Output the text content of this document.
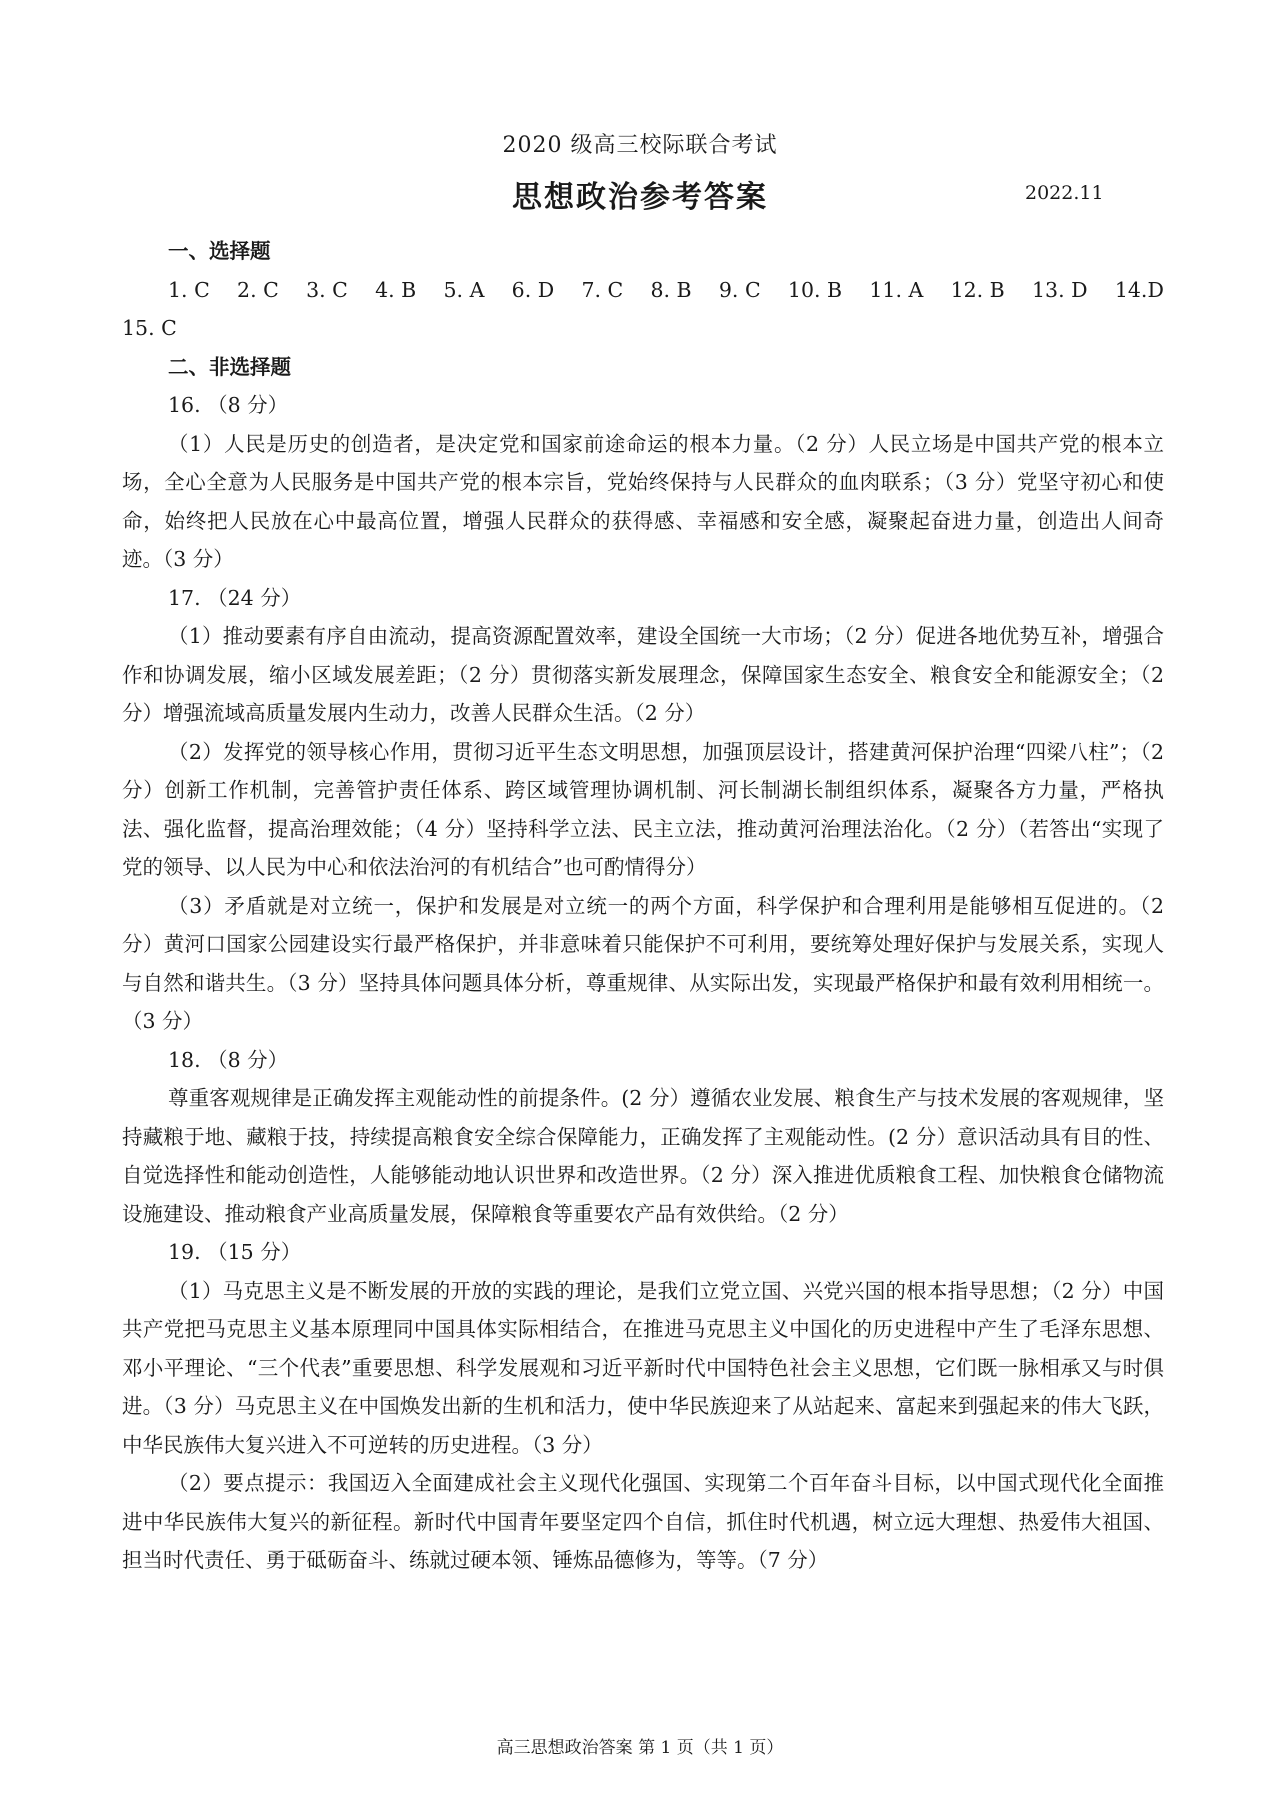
2020 级高三校际联合考试
思想政治参考答案	2022.11

一、选择题

1. C 2. C 3. C 4. B 5. A 6. D 7. C 8. B 9. C 10. B 11. A 12. B 13. D 14.D

15. C

二、非选择题

16. （8 分）

（1）人民是历史的创造者，是决定党和国家前途命运的根本力量。（2 分）人民立场是中国共产党的根本立场，全心全意为人民服务是中国共产党的根本宗旨，党始终保持与人民群众的血肉联系；（3 分）党坚守初心和使命，始终把人民放在心中最高位置，增强人民群众的获得感、幸福感和安全感，凝聚起奋进力量，创造出人间奇迹。（3 分）

17. （24 分）

（1）推动要素有序自由流动，提高资源配置效率，建设全国统一大市场；（2 分）促进各地优势互补，增强合作和协调发展，缩小区域发展差距；（2 分）贯彻落实新发展理念，保障国家生态安全、粮食安全和能源安全；（2 分）增强流域高质量发展内生动力，改善人民群众生活。（2 分）

（2）发挥党的领导核心作用，贯彻习近平生态文明思想，加强顶层设计，搭建黄河保护治理“四梁八柱”；（2 分）创新工作机制，完善管护责任体系、跨区域管理协调机制、河长制湖长制组织体系，凝聚各方力量，严格执法、强化监督，提高治理效能；（4 分）坚持科学立法、民主立法，推动黄河治理法治化。（2 分）（若答出“实现了党的领导、以人民为中心和依法治河的有机结合”也可酌情得分）

（3）矛盾就是对立统一，保护和发展是对立统一的两个方面，科学保护和合理利用是能够相互促进的。（2 分）黄河口国家公园建设实行最严格保护，并非意味着只能保护不可利用，要统筹处理好保护与发展关系，实现人与自然和谐共生。（3 分）坚持具体问题具体分析，尊重规律、从实际出发，实现最严格保护和最有效利用相统一。（3 分）

18. （8 分）

尊重客观规律是正确发挥主观能动性的前提条件。(2 分）遵循农业发展、粮食生产与技术发展的客观规律，坚持藏粮于地、藏粮于技，持续提高粮食安全综合保障能力，正确发挥了主观能动性。(2 分）意识活动具有目的性、自觉选择性和能动创造性，人能够能动地认识世界和改造世界。（2 分）深入推进优质粮食工程、加快粮食仓储物流设施建设、推动粮食产业高质量发展，保障粮食等重要农产品有效供给。（2 分）

19. （15 分）

（1）马克思主义是不断发展的开放的实践的理论，是我们立党立国、兴党兴国的根本指导思想；（2 分）中国共产党把马克思主义基本原理同中国具体实际相结合，在推进马克思主义中国化的历史进程中产生了毛泽东思想、邓小平理论、“三个代表”重要思想、科学发展观和习近平新时代中国特色社会主义思想，它们既一脉相承又与时俱进。（3 分）马克思主义在中国焕发出新的生机和活力，使中华民族迎来了从站起来、富起来到强起来的伟大飞跃，中华民族伟大复兴进入不可逆转的历史进程。（3 分）

（2）要点提示：我国迈入全面建成社会主义现代化强国、实现第二个百年奋斗目标，以中国式现代化全面推进中华民族伟大复兴的新征程。新时代中国青年要坚定四个自信，抓住时代机遇，树立远大理想、热爱伟大祖国、担当时代责任、勇于砥砺奋斗、练就过硬本领、锤炼品德修为，等等。（7 分）

高三思想政治答案 第 1 页（共 1 页）
